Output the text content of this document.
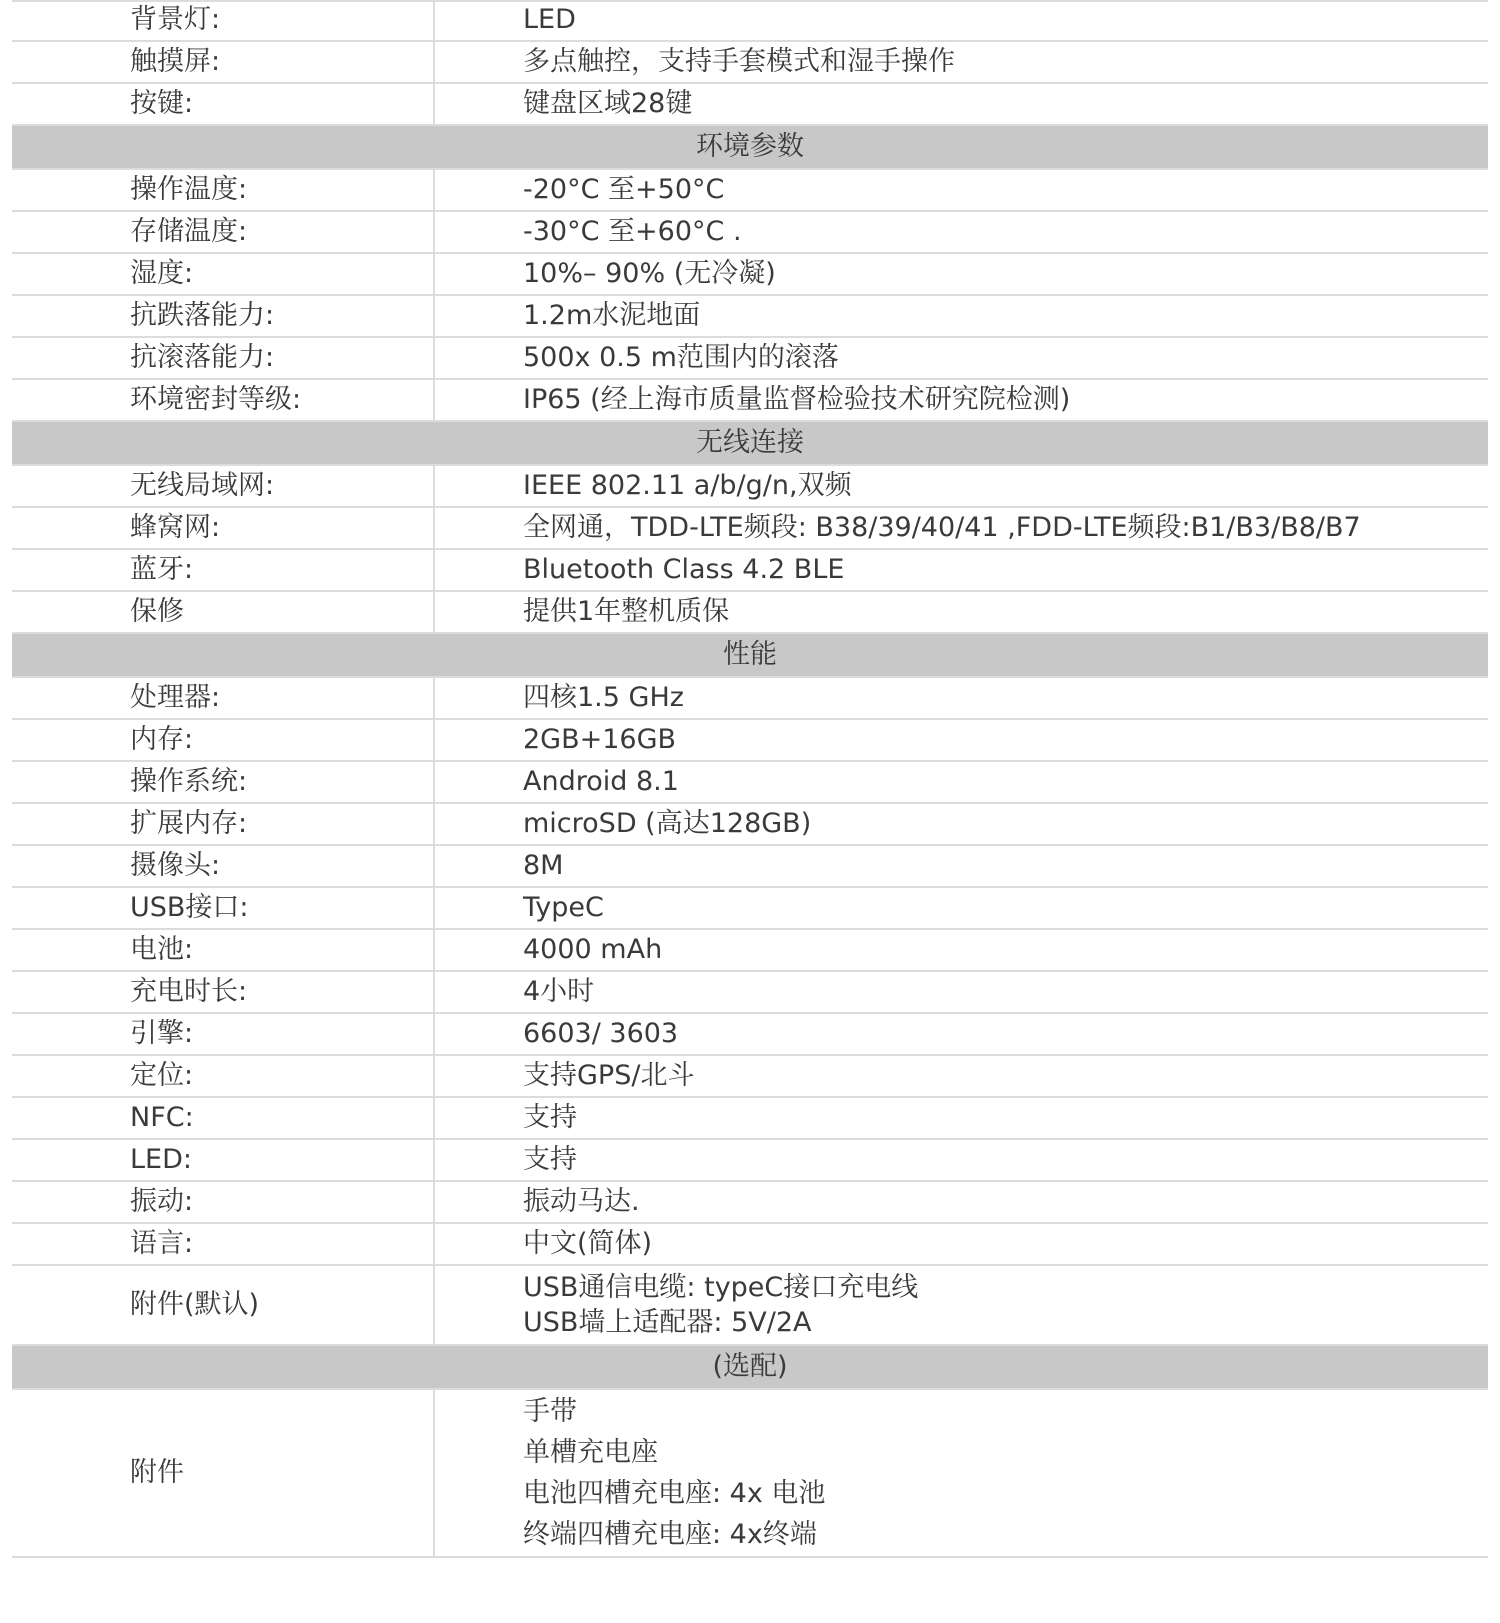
背景灯:	LED

触摸屏:	多点触控，支持手套模式和湿手操作

按键:	键盘区域28键

环境参数	
操作温度:	-20°C 至+50°C

存储温度:	-30°C 至+60°C .

湿度:	10%– 90% (无冷凝)

抗跌落能力:	1.2m水泥地面

抗滚落能力:	500x 0.5 m范围内的滚落

环境密封等级:	IP65 (经上海市质量监督检验技术研究院检测)

无线连接	
无线局域网:	IEEE 802.11 a/b/g/n,双频

蜂窝网:	全网通，TDD-LTE频段: B38/39/40/41 ,FDD-LTE频段:B1/B3/B8/B7

蓝牙:	Bluetooth Class 4.2 BLE

保修	提供1年整机质保

性能	
处理器:	四核1.5 GHz

内存:	2GB+16GB

操作系统:	Android 8.1

扩展内存:	microSD (高达128GB)

摄像头:	8M

USB接口:	TypeC

电池:	4000 mAh

充电时长:	4小时

引擎:	6603/ 3603

定位:	支持GPS/北斗

NFC:	支持

LED:	支持

振动:	振动马达.

语言:	中文(简体)

附件(默认)	USB通信电缆: typeC接口充电线
USB墙上适配器: 5V/2A

(选配)	
附件	手带
单槽充电座
电池四槽充电座: 4x 电池
终端四槽充电座: 4x终端
